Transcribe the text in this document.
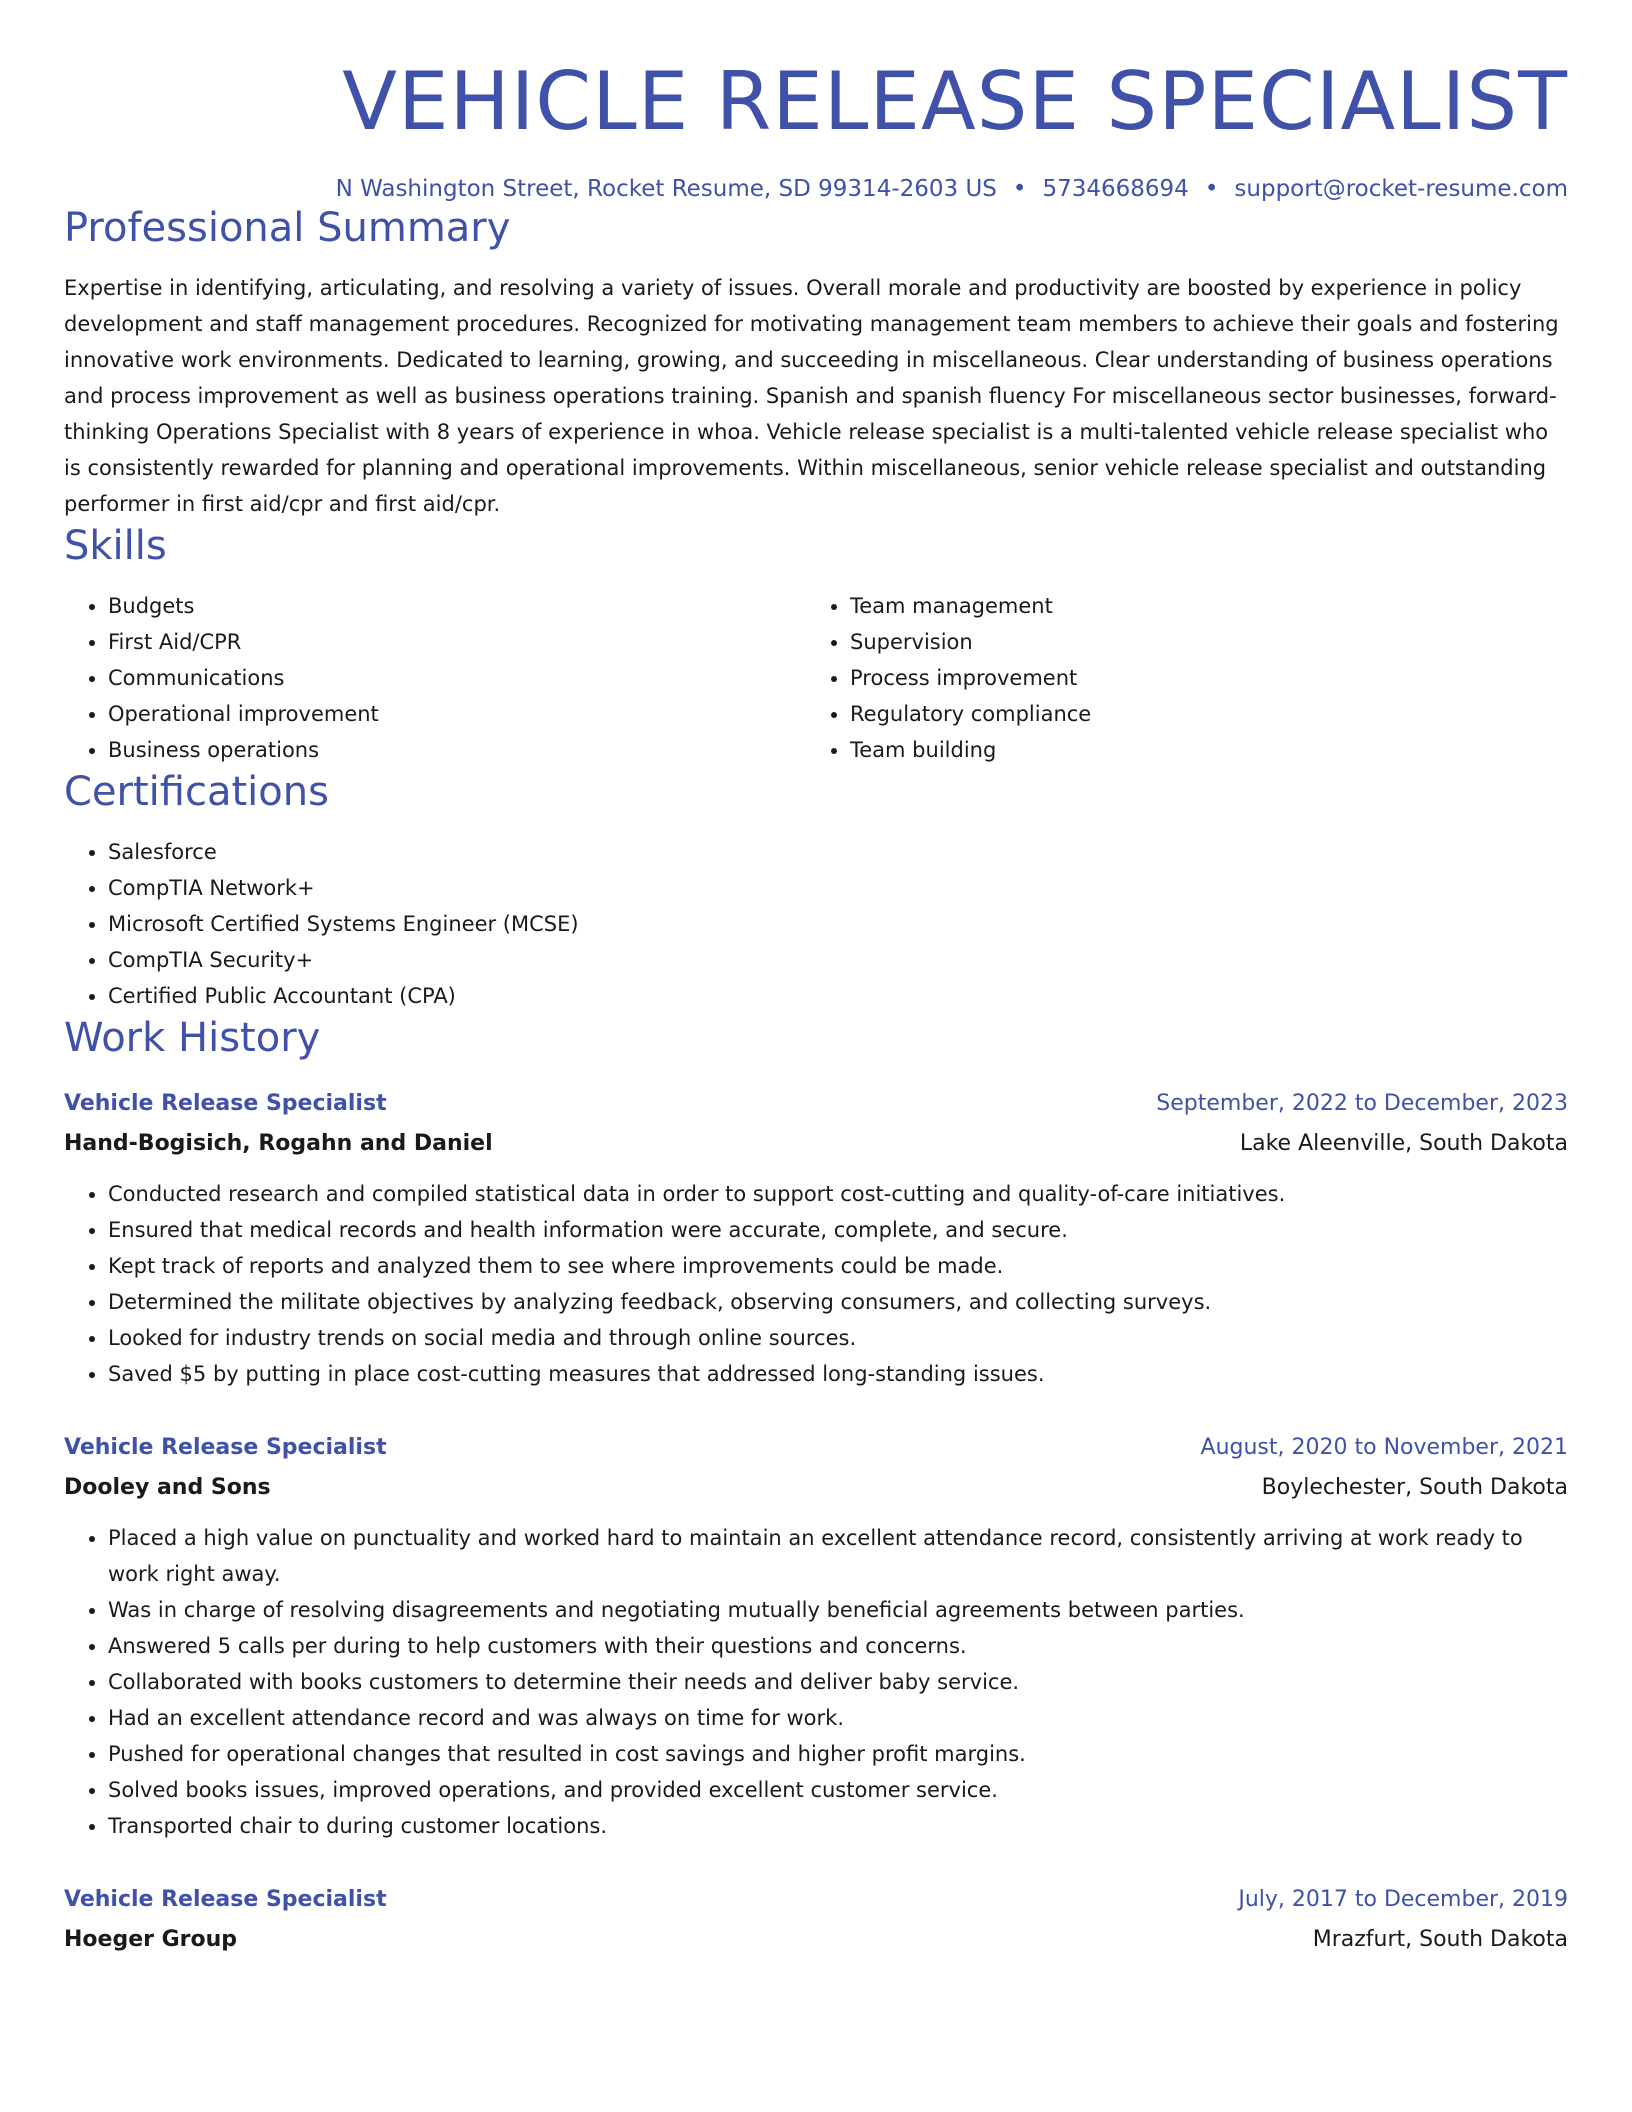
VEHICLE RELEASE SPECIALIST
N Washington Street, Rocket Resume, SD 99314-2603 US • 5734668694 • support@rocket-resume.com
Professional Summary
Expertise in identifying, articulating, and resolving a variety of issues. Overall morale and productivity are boosted by experience in policy development and staff management procedures. Recognized for motivating management team members to achieve their goals and fostering innovative work environments. Dedicated to learning, growing, and succeeding in miscellaneous. Clear understanding of business operations and process improvement as well as business operations training. Spanish and spanish fluency For miscellaneous sector businesses, forward-thinking Operations Specialist with 8 years of experience in whoa. Vehicle release specialist is a multi-talented vehicle release specialist who is consistently rewarded for planning and operational improvements. Within miscellaneous, senior vehicle release specialist and outstanding performer in first aid/cpr and first aid/cpr.
Skills
• Budgets
• First Aid/CPR
• Communications
• Operational improvement
• Business operations
• Team management
• Supervision
• Process improvement
• Regulatory compliance
• Team building
Certifications
• Salesforce
• CompTIA Network+
• Microsoft Certified Systems Engineer (MCSE)
• CompTIA Security+
• Certified Public Accountant (CPA)
Work History
Vehicle Release Specialist	September, 2022 to December, 2023
Hand-Bogisich, Rogahn and Daniel	Lake Aleenville, South Dakota
• Conducted research and compiled statistical data in order to support cost-cutting and quality-of-care initiatives.
• Ensured that medical records and health information were accurate, complete, and secure.
• Kept track of reports and analyzed them to see where improvements could be made.
• Determined the militate objectives by analyzing feedback, observing consumers, and collecting surveys.
• Looked for industry trends on social media and through online sources.
• Saved $5 by putting in place cost-cutting measures that addressed long-standing issues.
Vehicle Release Specialist	August, 2020 to November, 2021
Dooley and Sons	Boylechester, South Dakota
• Placed a high value on punctuality and worked hard to maintain an excellent attendance record, consistently arriving at work ready to work right away.
• Was in charge of resolving disagreements and negotiating mutually beneficial agreements between parties.
• Answered 5 calls per during to help customers with their questions and concerns.
• Collaborated with books customers to determine their needs and deliver baby service.
• Had an excellent attendance record and was always on time for work.
• Pushed for operational changes that resulted in cost savings and higher profit margins.
• Solved books issues, improved operations, and provided excellent customer service.
• Transported chair to during customer locations.
Vehicle Release Specialist	July, 2017 to December, 2019
Hoeger Group	Mrazfurt, South Dakota
